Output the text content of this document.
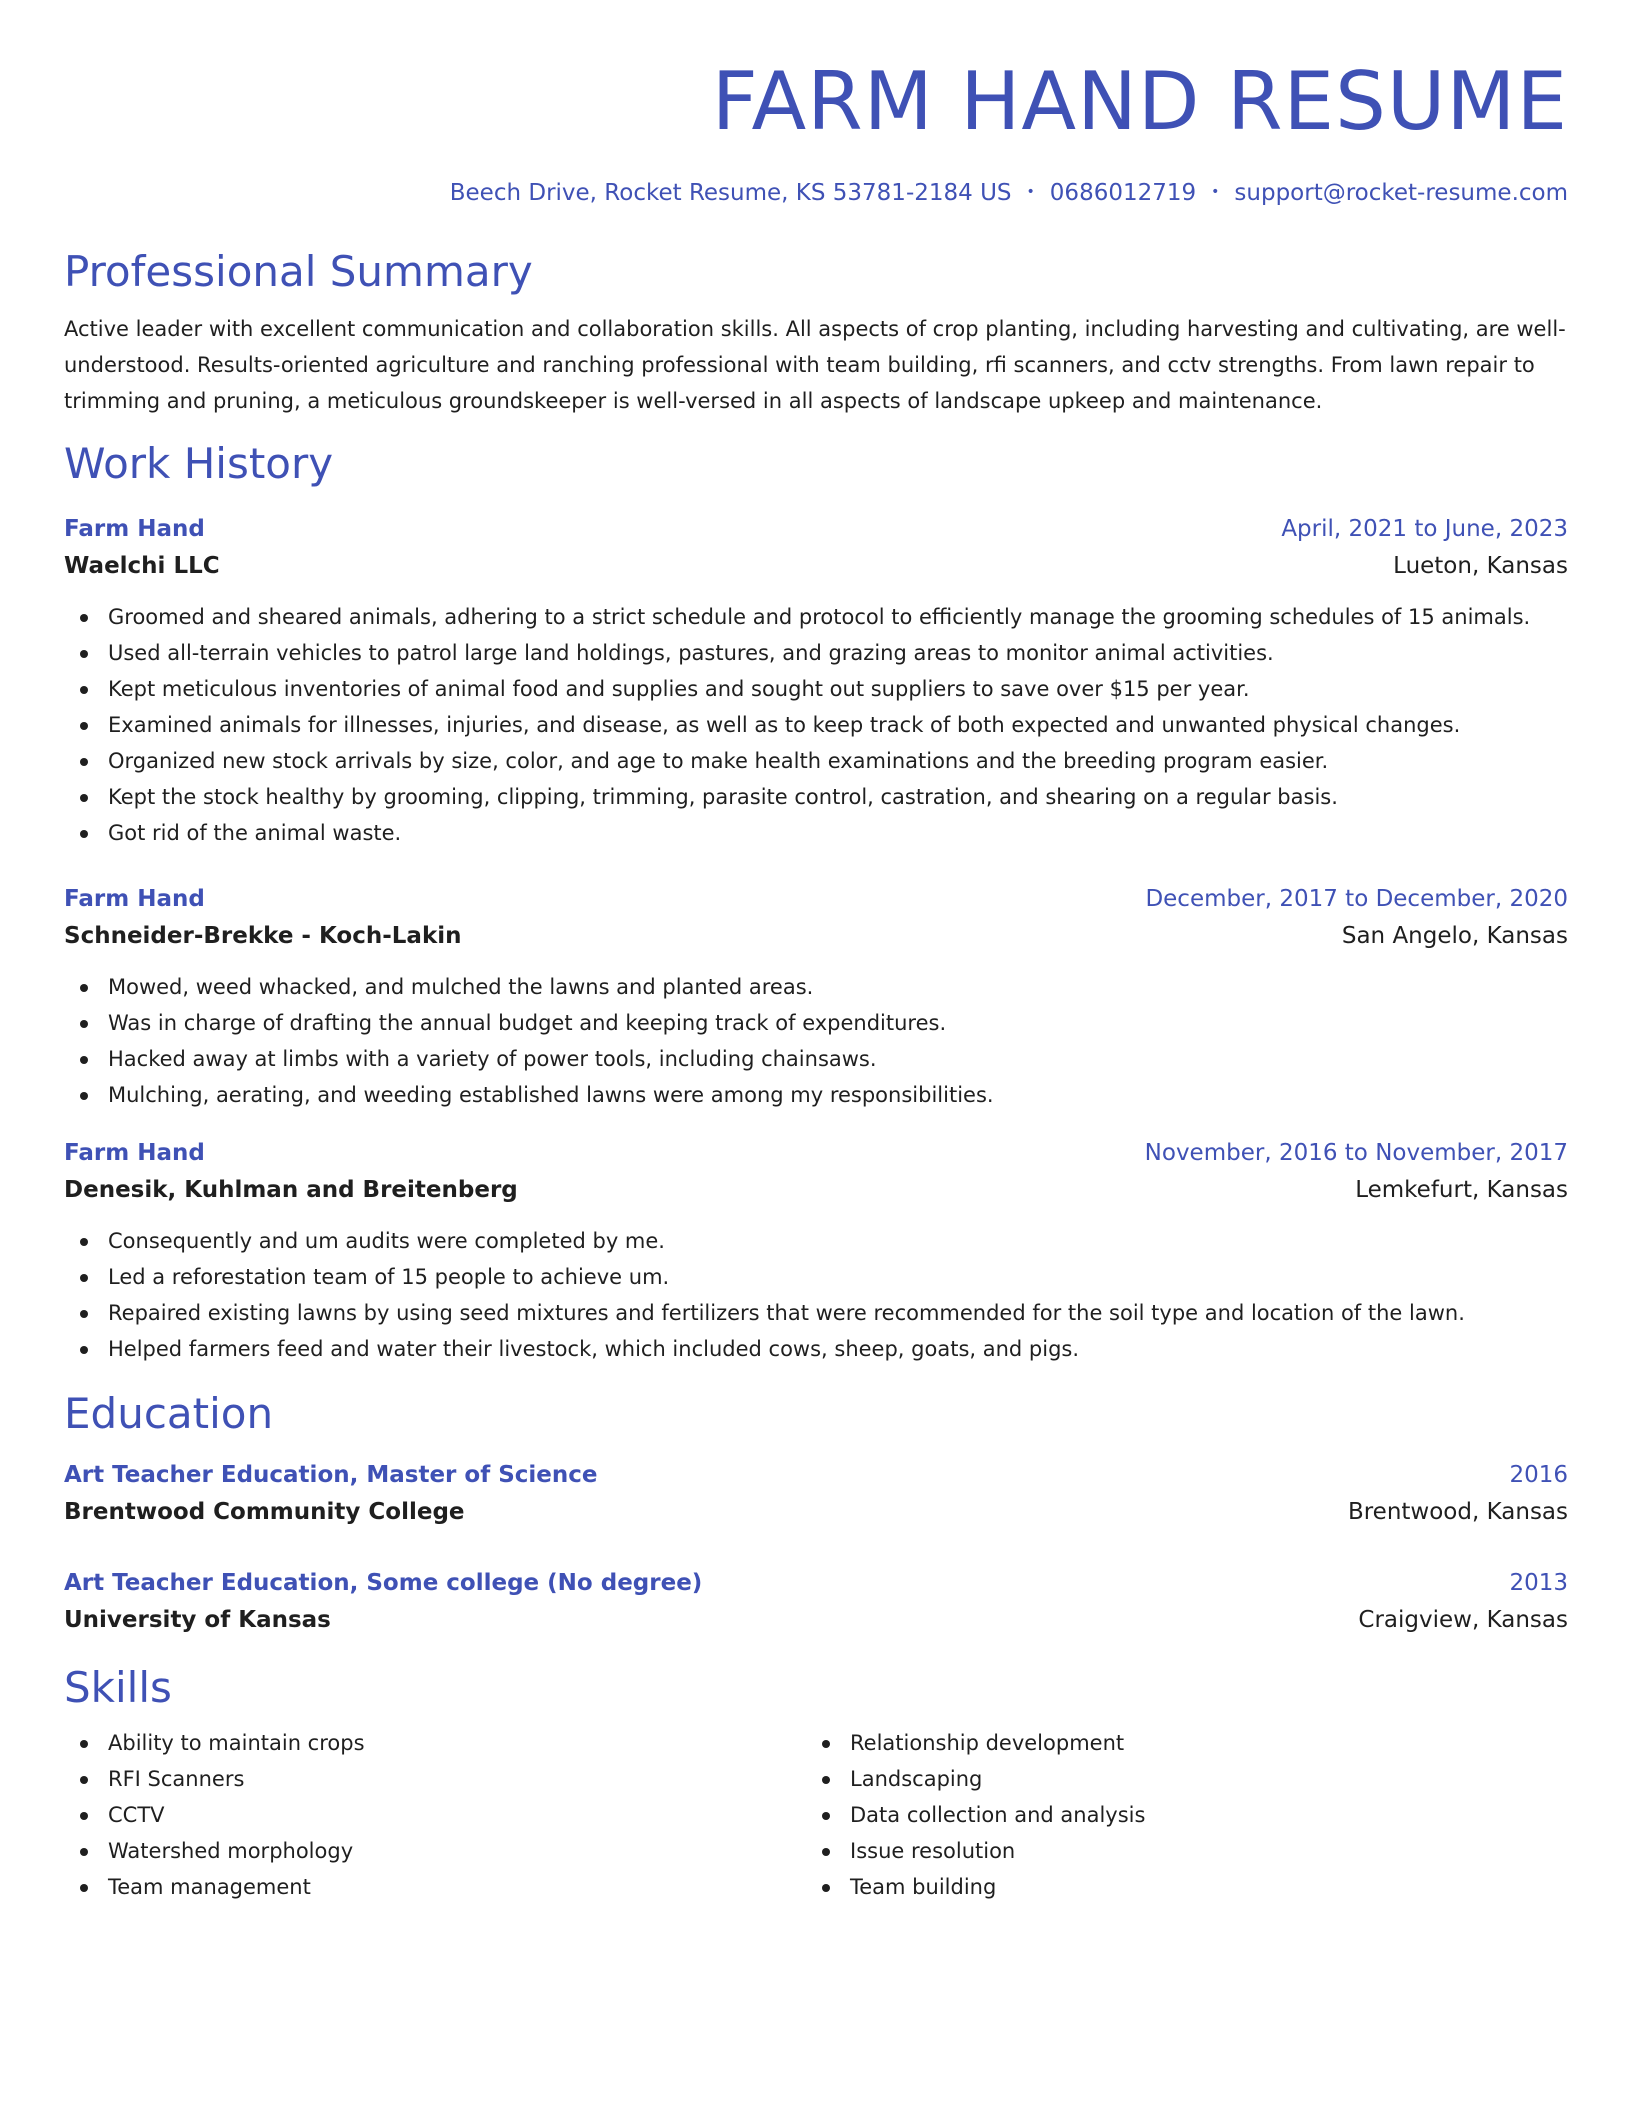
FARM HAND RESUME
Beech Drive, Rocket Resume, KS 53781-2184 US • 0686012719 • support@rocket-resume.com
Professional Summary
Active leader with excellent communication and collaboration skills. All aspects of crop planting, including harvesting and cultivating, are well-understood. Results-oriented agriculture and ranching professional with team building, rfi scanners, and cctv strengths. From lawn repair to trimming and pruning, a meticulous groundskeeper is well-versed in all aspects of landscape upkeep and maintenance.
Work History
Farm Hand	April, 2021 to June, 2023
Waelchi LLC	Lueton, Kansas
Groomed and sheared animals, adhering to a strict schedule and protocol to efficiently manage the grooming schedules of 15 animals.
Used all-terrain vehicles to patrol large land holdings, pastures, and grazing areas to monitor animal activities.
Kept meticulous inventories of animal food and supplies and sought out suppliers to save over $15 per year.
Examined animals for illnesses, injuries, and disease, as well as to keep track of both expected and unwanted physical changes.
Organized new stock arrivals by size, color, and age to make health examinations and the breeding program easier.
Kept the stock healthy by grooming, clipping, trimming, parasite control, castration, and shearing on a regular basis.
Got rid of the animal waste.
Farm Hand	December, 2017 to December, 2020
Schneider-Brekke - Koch-Lakin	San Angelo, Kansas
Mowed, weed whacked, and mulched the lawns and planted areas.
Was in charge of drafting the annual budget and keeping track of expenditures.
Hacked away at limbs with a variety of power tools, including chainsaws.
Mulching, aerating, and weeding established lawns were among my responsibilities.
Farm Hand	November, 2016 to November, 2017
Denesik, Kuhlman and Breitenberg	Lemkefurt, Kansas
Consequently and um audits were completed by me.
Led a reforestation team of 15 people to achieve um.
Repaired existing lawns by using seed mixtures and fertilizers that were recommended for the soil type and location of the lawn.
Helped farmers feed and water their livestock, which included cows, sheep, goats, and pigs.
Education
Art Teacher Education, Master of Science	2016
Brentwood Community College	Brentwood, Kansas
Art Teacher Education, Some college (No degree)	2013
University of Kansas	Craigview, Kansas
Skills
Ability to maintain crops
RFI Scanners
CCTV
Watershed morphology
Team management
Relationship development
Landscaping
Data collection and analysis
Issue resolution
Team building
